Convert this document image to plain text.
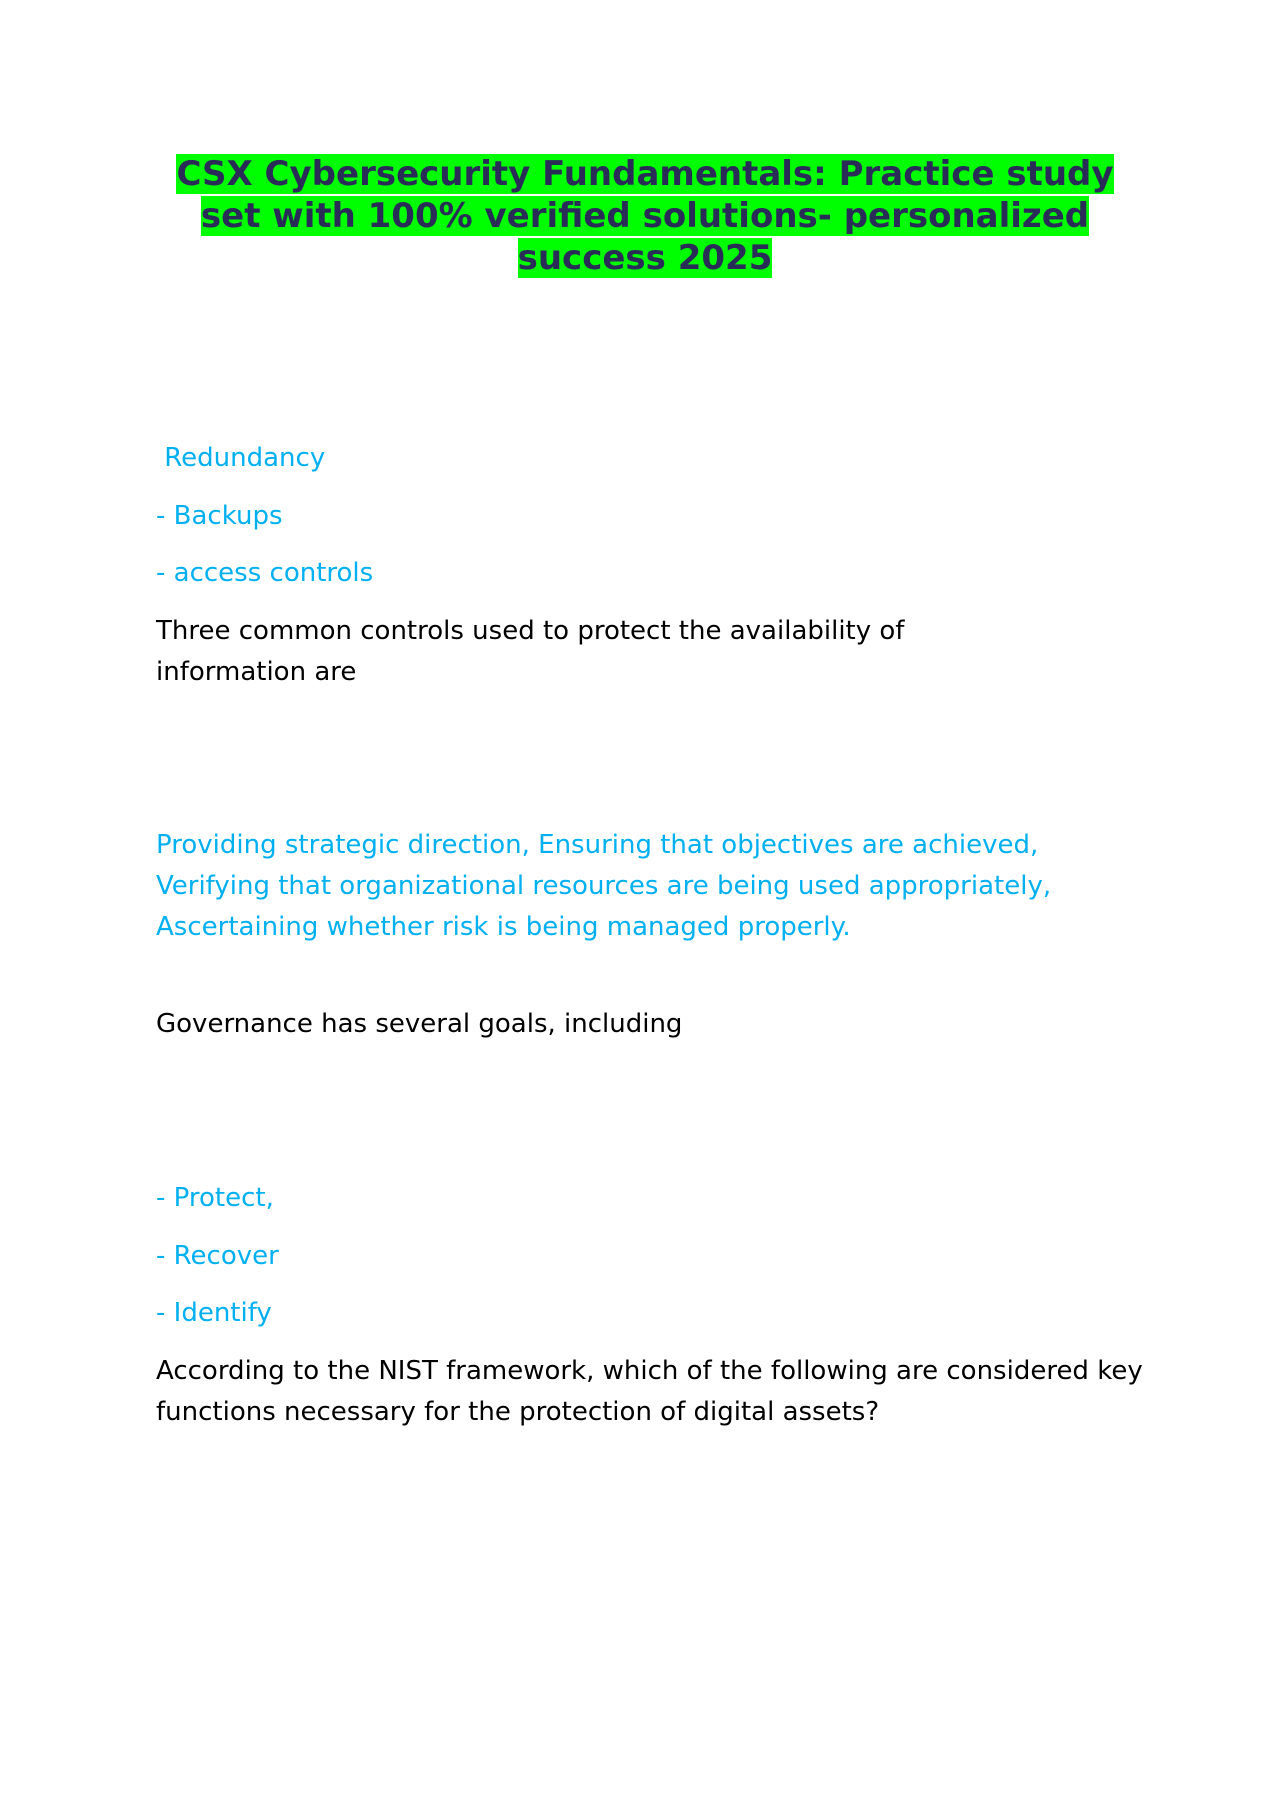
CSX Cybersecurity Fundamentals: Practice study set with 100% verified solutions- personalized success 2025

Redundancy

- Backups

- access controls

Three common controls used to protect the availability of information are

Providing strategic direction, Ensuring that objectives are achieved, Verifying that organizational resources are being used appropriately, Ascertaining whether risk is being managed properly.

Governance has several goals, including

- Protect,

- Recover

- Identify

According to the NIST framework, which of the following are considered key functions necessary for the protection of digital assets?
